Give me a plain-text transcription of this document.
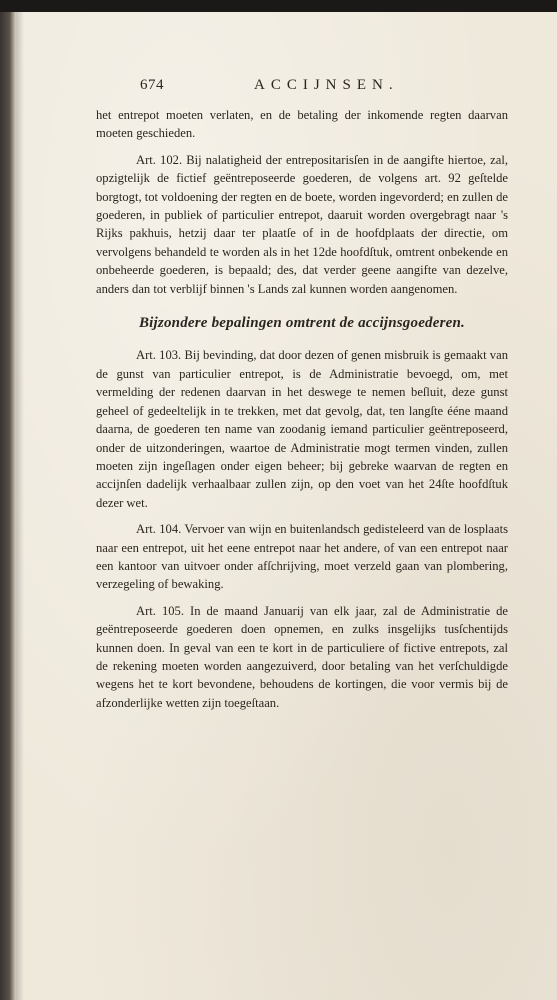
674	ACCIJNSEN.

het entrepot moeten verlaten, en de betaling der inkomende regten daarvan moeten geschieden.

Art. 102. Bij nalatigheid der entrepositarisſen in de aangifte hiertoe, zal, opzigtelijk de fictief geëntreposeerde goederen, de volgens art. 92 geſtelde borgtogt, tot voldoening der regten en de boete, worden ingevorderd; en zullen de goederen, in publiek of particulier entrepot, daaruit worden overgebragt naar 's Rijks pakhuis, hetzij daar ter plaatſe of in de hoofdplaats der directie, om vervolgens behandeld te worden als in het 12de hoofdſtuk, omtrent onbekende en onbeheerde goederen, is bepaald; des, dat verder geene aangifte van dezelve, anders dan tot verblijf binnen 's Lands zal kunnen worden aangenomen.

Bijzondere bepalingen omtrent de accijnsgoederen.

Art. 103. Bij bevinding, dat door dezen of genen misbruik is gemaakt van de gunst van particulier entrepot, is de Administratie bevoegd, om, met vermelding der redenen daarvan in het deswege te nemen beſluit, deze gunst geheel of gedeeltelijk in te trekken, met dat gevolg, dat, ten langſte ééne maand daarna, de goederen ten name van zoodanig iemand particulier geëntreposeerd, onder de uitzonderingen, waartoe de Administratie mogt termen vinden, zullen moeten zijn ingeſlagen onder eigen beheer; bij gebreke waarvan de regten en accijnſen dadelijk verhaalbaar zullen zijn, op den voet van het 24ſte hoofdſtuk dezer wet.

Art. 104. Vervoer van wijn en buitenlandsch gedisteleerd van de losplaats naar een entrepot, uit het eene entrepot naar het andere, of van een entrepot naar een kantoor van uitvoer onder afſchrijving, moet verzeld gaan van plombering, verzegeling of bewaking.

Art. 105. In de maand Januarij van elk jaar, zal de Administratie de geëntreposeerde goederen doen opnemen, en zulks insgelijks tusſchentijds kunnen doen. In geval van een te kort in de particuliere of fictive entrepots, zal de rekening moeten worden aangezuiverd, door betaling van het verſchuldigde wegens het te kort bevondene, behoudens de kortingen, die voor vermis bij de afzonderlijke wetten zijn toegeſtaan.
